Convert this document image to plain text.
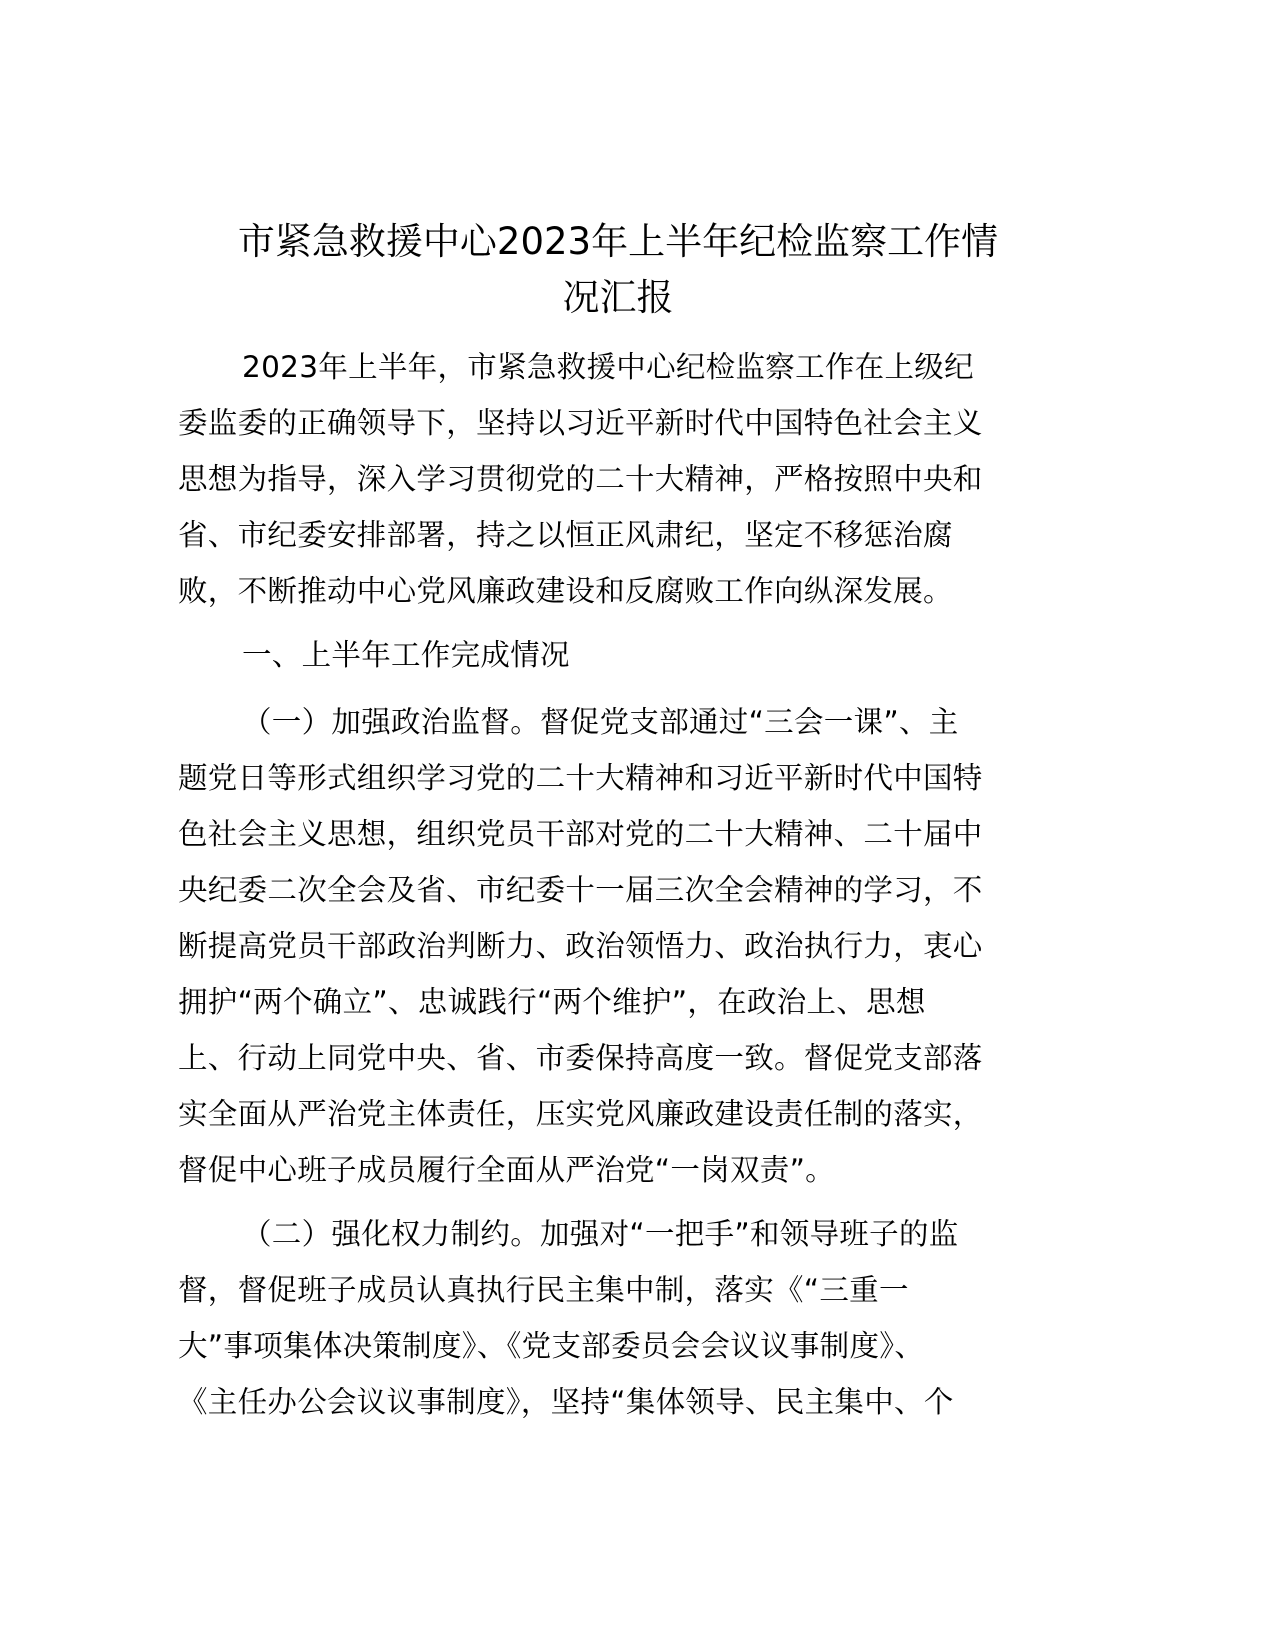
市紧急救援中心2023年上半年纪检监察工作情
况汇报
2023年上半年，市紧急救援中心纪检监察工作在上级纪
委监委的正确领导下，坚持以习近平新时代中国特色社会主义
思想为指导，深入学习贯彻党的二十大精神，严格按照中央和
省、市纪委安排部署，持之以恒正风肃纪，坚定不移惩治腐
败，不断推动中心党风廉政建设和反腐败工作向纵深发展。
一、上半年工作完成情况
（一）加强政治监督。督促党支部通过“三会一课”、主
题党日等形式组织学习党的二十大精神和习近平新时代中国特
色社会主义思想，组织党员干部对党的二十大精神、二十届中
央纪委二次全会及省、市纪委十一届三次全会精神的学习，不
断提高党员干部政治判断力、政治领悟力、政治执行力，衷心
拥护“两个确立”、忠诚践行“两个维护”，在政治上、思想
上、行动上同党中央、省、市委保持高度一致。督促党支部落
实全面从严治党主体责任，压实党风廉政建设责任制的落实，
督促中心班子成员履行全面从严治党“一岗双责”。
（二）强化权力制约。加强对“一把手”和领导班子的监
督，督促班子成员认真执行民主集中制，落实《“三重一
大”事项集体决策制度》、《党支部委员会会议议事制度》、
《主任办公会议议事制度》，坚持“集体领导、民主集中、个
